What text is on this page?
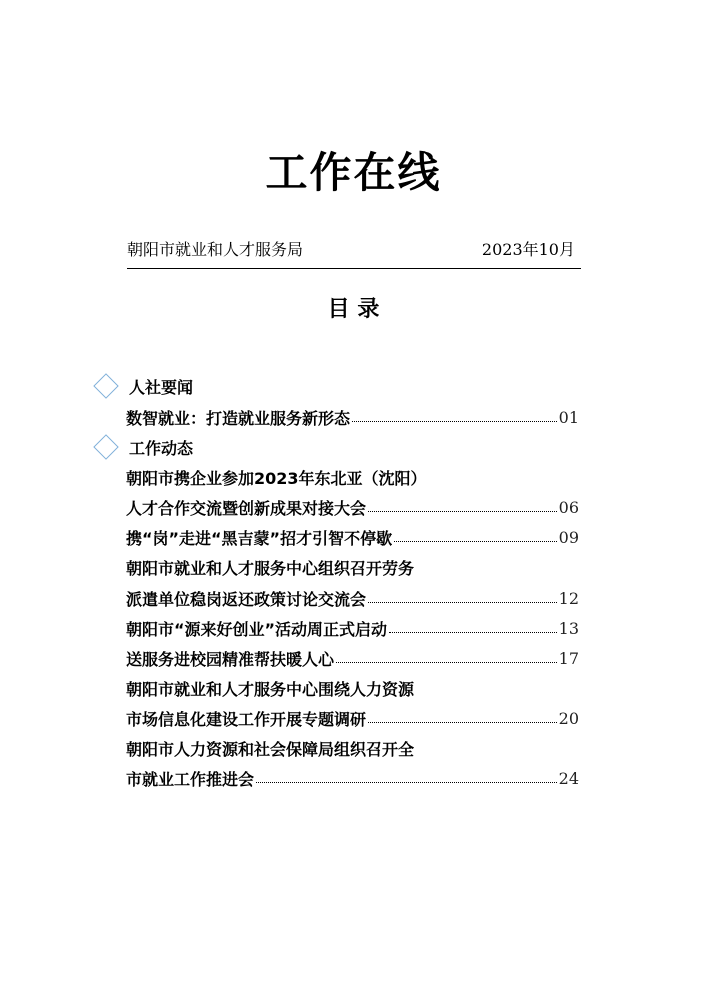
工作在线
朝阳市就业和人才服务局	2023年10月
目 录
人社要闻
数智就业：打造就业服务新形态	01
工作动态
朝阳市携企业参加2023年东北亚（沈阳）
人才合作交流暨创新成果对接大会	06
携“岗”走进“黑吉蒙”招才引智不停歇	09
朝阳市就业和人才服务中心组织召开劳务
派遣单位稳岗返还政策讨论交流会	12
朝阳市“源来好创业”活动周正式启动	13
送服务进校园精准帮扶暖人心	17
朝阳市就业和人才服务中心围绕人力资源
市场信息化建设工作开展专题调研	20
朝阳市人力资源和社会保障局组织召开全
市就业工作推进会	24
